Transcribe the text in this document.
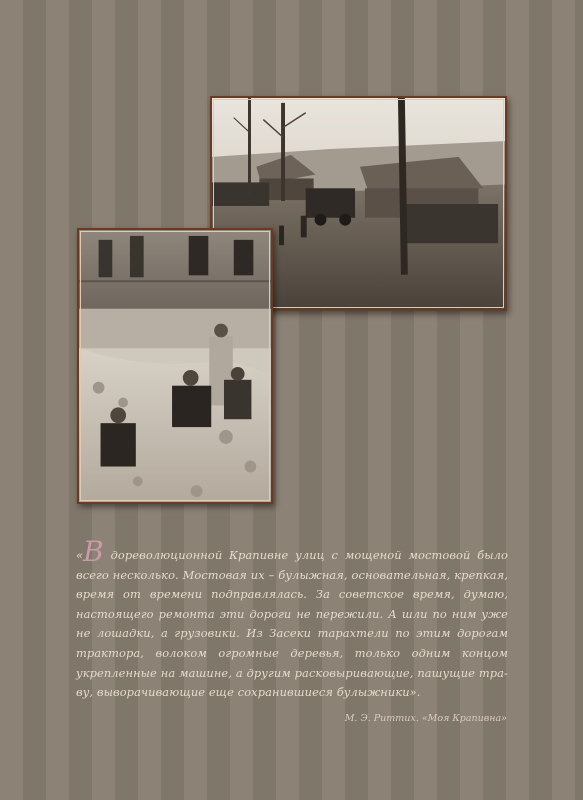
«В дореволюционной Крапивне улиц с мощеной мостовой было всего несколько. Мостовая их – булыжная, основательная, крепкая, время от времени подправлялась. За советское время, думаю, настоящего ремонта эти дороги не пережили. А шли по ним уже не лошадки, а грузовики. Из Засеки тарахтели по этим дорогам трактора, волоком огромные деревья, только одним концом укрепленные на машине, а другим расковыривающие, пашущие тра-ву, выворачивающие еще сохранившиеся булыжники».
М. Э. Риттих. «Моя Крапивна»
